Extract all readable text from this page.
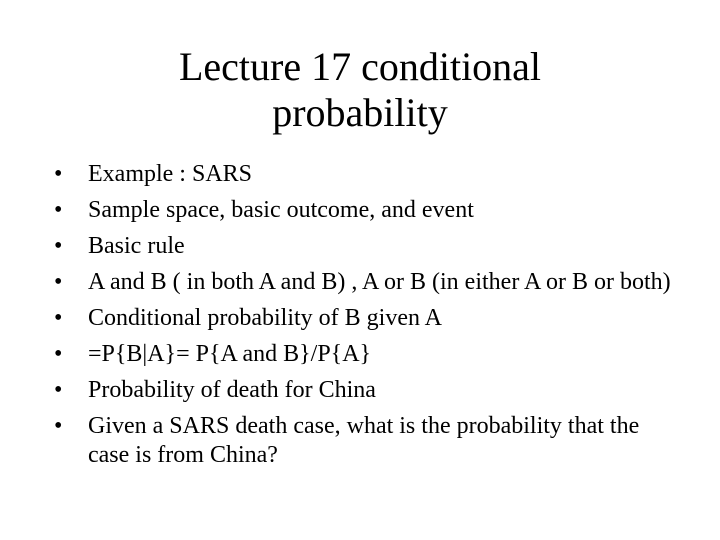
Lecture 17 conditional
probability
•	Example : SARS
•	Sample space, basic outcome, and event
•	Basic rule
•	A and B ( in both A and B) , A or B (in either A or B or both)
•	Conditional probability of B given A
•	=P{B|A}= P{A and B}/P{A}
•	Probability of death for China
•	Given a SARS death case, what is the probability that the case is from China?
